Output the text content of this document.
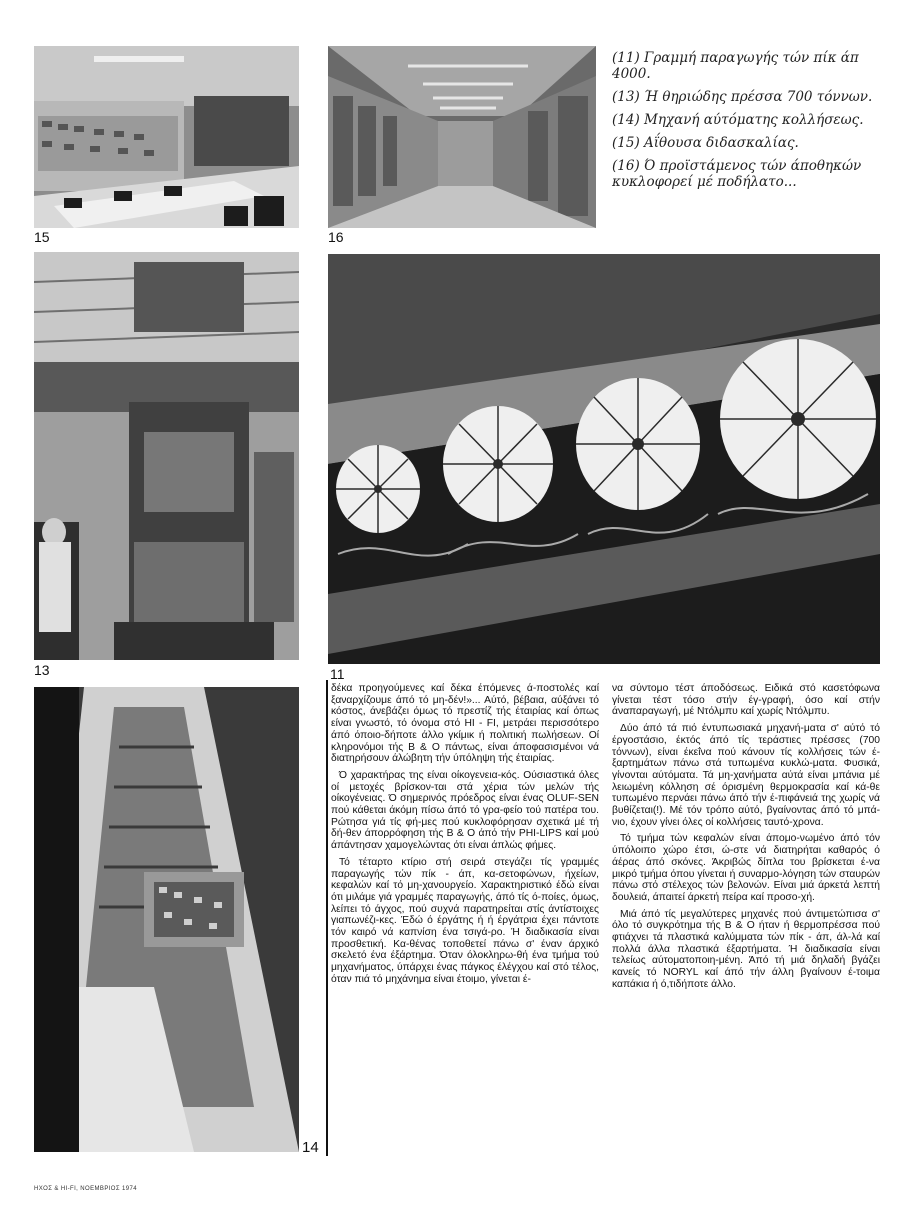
15	16

(11) Γραμμή παραγωγής τών πίκ άπ 4000.

(13) Ή θηριώδης πρέσσα 700 τόννων.

(14) Μηχανή αύτόματης κολλήσεως.

(15) Αΐθουσα διδασκαλίας.

(16) Ό προϊστάμενος τών άποθηκών κυκλοφορεί μέ ποδήλατο...

13	11
14

δέκα προηγούμενες καί δέκα έπόμενες ά-ποστολές καί ξαναρχίζουμε άπό τό μη-δέν!»... Αύτό, βέβαια, αύξάνει τό κόστος, άνεβάζει όμως τό πρεστίζ τής έταιρίας καί όπως είναι γνωστό, τό όνομα στό HI - FI, μετράει περισσότερο άπό όποιο-δήποτε άλλο γκίμικ ή πολιτική πωλήσεων. Οί κληρονόμοι τής B & O πάντως, είναι άποφασισμένοι νά διατηρήσουν άλώβητη τήν ύπόληψη τής έταιρίας.

Ό χαρακτήρας της είναι οίκογενεια-κός. Ούσιαστικά όλες οί μετοχές βρίσκον-ται στά χέρια τών μελών τής οίκογένειας. Ό σημερινός πρόεδρος είναι ένας OLUF-SEN πού κάθεται άκόμη πίσω άπό τό γρα-φείο τού πατέρα του. Ρώτησα γιά τίς φή-μες πού κυκλοφόρησαν σχετικά μέ τή δή-θεν άπορρόφηση τής B & O άπό τήν PHI-LIPS καί μού άπάντησαν χαμογελώντας ότι είναι άπλώς φήμες.

Τό τέταρτο κτίριο στή σειρά στεγάζει τίς γραμμές παραγωγής τών πίκ - άπ, κα-σετοφώνων, ήχείων, κεφαλών καί τό μη-χανουργείο. Χαρακτηριστικό έδώ είναι ότι μιλάμε γιά γραμμές παραγωγής, άπό τίς ό-ποίες, όμως, λείπει τό άγχος, πού συχνά παρατηρείται στίς άντίστοιχες γιαπωνέζι-κες. Έδώ ό έργάτης ή ή έργάτρια έχει πάντοτε τόν καιρό νά καπνίση ένα τσιγά-ρο. Ή διαδικασία είναι προσθετική. Κα-θένας τοποθετεί πάνω σ' έναν άρχικό σκελετό ένα έξάρτημα. Όταν όλοκληρω-θή ένα τμήμα τού μηχανήματος, ύπάρχει ένας πάγκος έλέγχου καί στό τέλος, όταν πιά τό μηχάνημα είναι έτοιμο, γίνεται έ-

να σύντομο τέστ άποδόσεως. Ειδικά στό κασετόφωνα γίνεται τέστ τόσο στήν έγ-γραφή, όσο καί στήν άναπαραγωγή, μέ Ντόλμπυ καί χωρίς Ντόλμπυ.

Δύο άπό τά πιό έντυπωσιακά μηχανή-ματα σ' αύτό τό έργοστάσιο, έκτός άπό τίς τεράστιες πρέσσες (700 τόννων), είναι έκεΐνα πού κάνουν τίς κολλήσεις τών έ-ξαρτημάτων πάνω στά τυπωμένα κυκλώ-ματα. Φυσικά, γίνονται αύτόματα. Τά μη-χανήματα αύτά είναι μπάνια μέ λειωμένη κόλληση σέ όρισμένη θερμοκρασία καί κά-θε τυπωμένο περνάει πάνω άπό τήν έ-πιφάνειά της χωρίς νά βυθίζεται(!). Μέ τόν τρόπο αύτό, βγαίνοντας άπό τό μπά-νιο, έχουν γίνει όλες οί κολλήσεις ταυτό-χρονα.

Τό τμήμα τών κεφαλών είναι άπομο-νωμένο άπό τόν ύπόλοιπο χώρο έτσι, ώ-στε νά διατηρήται καθαρός ό άέρας άπό σκόνες. Άκριβώς δίπλα του βρίσκεται έ-να μικρό τμήμα όπου γίνεται ή συναρμο-λόγηση τών σταυρών πάνω στό στέλεχος τών βελονών. Είναι μιά άρκετά λεπτή δουλειά, άπαιτεί άρκετή πείρα καί προσο-χή.

Μιά άπό τίς μεγαλύτερες μηχανές πού άντιμετώπισα σ' όλο τό συγκρότημα τής B & O ήταν ή θερμοπρέσσα πού φτιάχνει τά πλαστικά καλύμματα τών πίκ - άπ, άλ-λά καί πολλά άλλα πλαστικά έξαρτήματα. Ή διαδικασία είναι τελείως αύτοματοποιη-μένη. Άπό τή μιά δηλαδή βγάζει κανείς τό NORYL καί άπό τήν άλλη βγαίνουν έ-τοιμα καπάκια ή ό,τιδήποτε άλλο.

ΗΧΟΣ & HI-FI, ΝΟΕΜΒΡΙΟΣ 1974
